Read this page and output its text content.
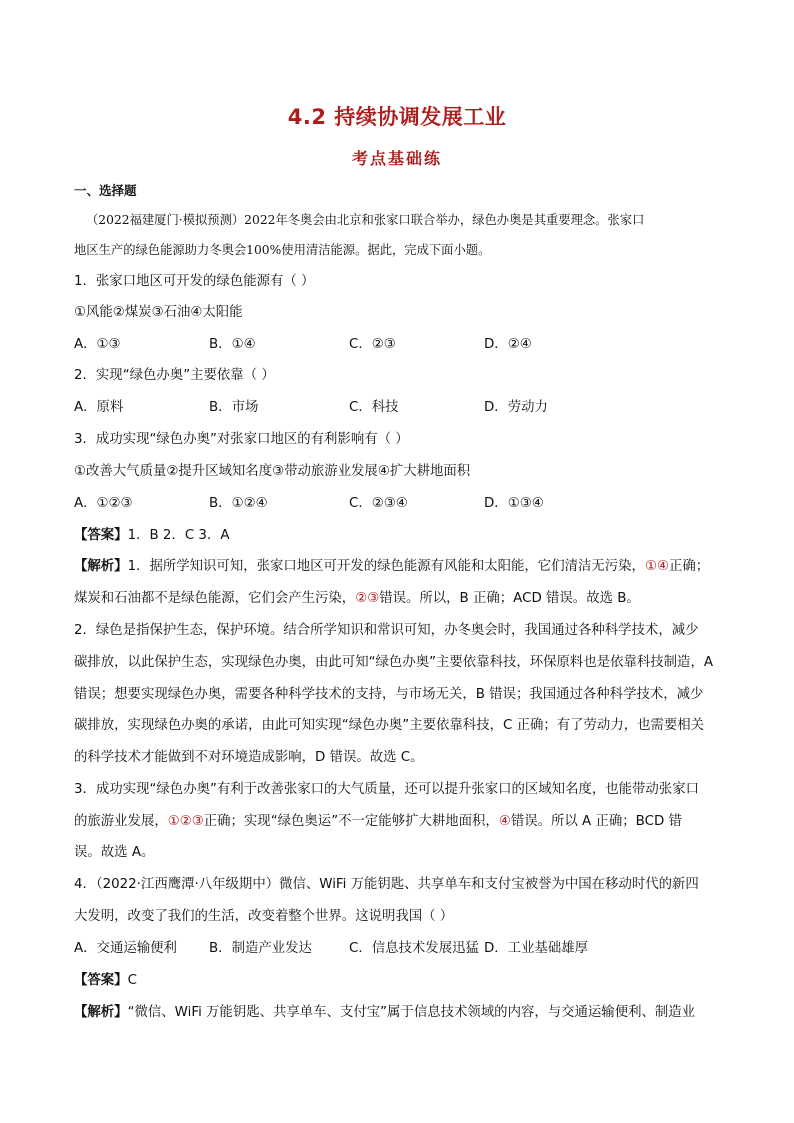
4.2 持续协调发展工业
考点基础练
一、选择题
（2022福建厦门·模拟预测）2022年冬奥会由北京和张家口联合举办，绿色办奥是其重要理念。张家口
地区生产的绿色能源助力冬奥会100%使用清洁能源。据此，完成下面小题。
1．张家口地区可开发的绿色能源有（ ）
①风能②煤炭③石油④太阳能
A．①③	B．①④	C．②③	D．②④
2．实现“绿色办奥”主要依靠（ ）
A．原料	B．市场	C．科技	D．劳动力
3．成功实现“绿色办奥”对张家口地区的有利影响有（ ）
①改善大气质量②提升区域知名度③带动旅游业发展④扩大耕地面积
A．①②③	B．①②④	C．②③④	D．①③④
【答案】1．B 2．C 3．A
【解析】1．据所学知识可知，张家口地区可开发的绿色能源有风能和太阳能，它们清洁无污染，①④正确；
煤炭和石油都不是绿色能源，它们会产生污染，②③错误。所以，B 正确；ACD 错误。故选 B。
2．绿色是指保护生态，保护环境。结合所学知识和常识可知，办冬奥会时，我国通过各种科学技术，减少
碳排放，以此保护生态，实现绿色办奥，由此可知“绿色办奥”主要依靠科技，环保原料也是依靠科技制造，A
错误；想要实现绿色办奥，需要各种科学技术的支持，与市场无关，B 错误；我国通过各种科学技术，减少
碳排放，实现绿色办奥的承诺，由此可知实现“绿色办奥”主要依靠科技，C 正确；有了劳动力，也需要相关
的科学技术才能做到不对环境造成影响，D 错误。故选 C。
3．成功实现“绿色办奥”有利于改善张家口的大气质量，还可以提升张家口的区域知名度，也能带动张家口
的旅游业发展，①②③正确；实现“绿色奥运”不一定能够扩大耕地面积，④错误。所以 A 正确；BCD 错
误。故选 A。
4．（2022·江西鹰潭·八年级期中）微信、WiFi 万能钥匙、共享单车和支付宝被誉为中国在移动时代的新四
大发明，改变了我们的生活，改变着整个世界。这说明我国（ ）
A．交通运输便利 B．制造产业发达	C．信息技术发展迅猛 D．工业基础雄厚
【答案】C
【解析】“微信、WiFi 万能钥匙、共享单车、支付宝”属于信息技术领域的内容，与交通运输便利、制造业
